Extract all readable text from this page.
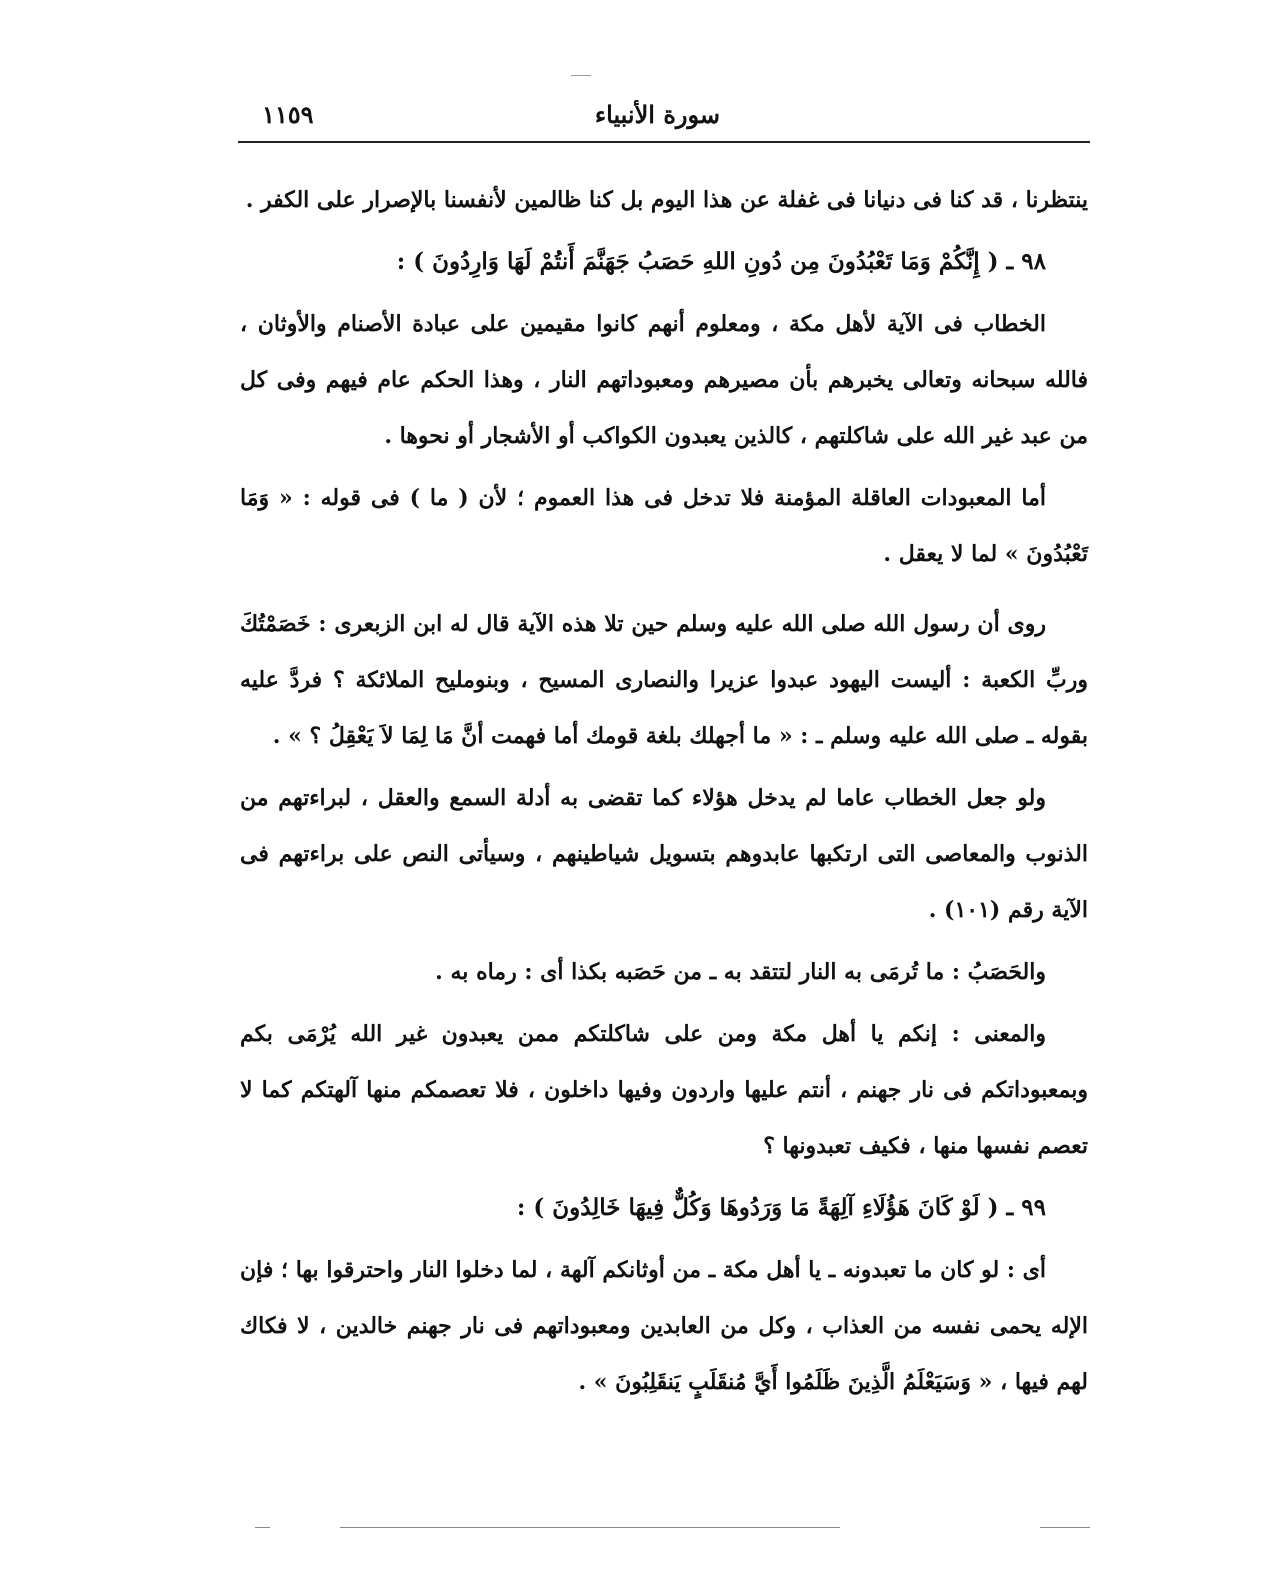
سورة الأنبياء
١١٥٩

ينتظرنا ، قد كنا فى دنيانا فى غفلة عن هذا اليوم بل كنا ظالمين لأنفسنا بالإصرار على الكفر .

٩٨ ـ ( إِنَّكُمْ وَمَا تَعْبُدُونَ مِن دُونِ اللهِ حَصَبُ جَهَنَّمَ أَنتُمْ لَهَا وَارِدُونَ ) :

الخطاب فى الآية لأهل مكة ، ومعلوم أنهم كانوا مقيمين على عبادة الأصنام والأوثان ، فالله سبحانه وتعالى يخبرهم بأن مصيرهم ومعبوداتهم النار ، وهذا الحكم عام فيهم وفى كل من عبد غير الله على شاكلتهم ، كالذين يعبدون الكواكب أو الأشجار أو نحوها .

أما المعبودات العاقلة المؤمنة فلا تدخل فى هذا العموم ؛ لأن ( ما ) فى قوله : « وَمَا تَعْبُدُونَ » لما لا يعقل .

روى أن رسول الله صلى الله عليه وسلم حين تلا هذه الآية قال له ابن الزبعرى : خَصَمْتُكَ وربِّ الكعبة : أليست اليهود عبدوا عزيرا والنصارى المسيح ، وبنومليح الملائكة ؟ فردَّ عليه بقوله ـ صلى الله عليه وسلم ـ : « ما أجهلك بلغة قومك أما فهمت أنَّ مَا لِمَا لاَ يَعْقِلُ ؟ » .

ولو جعل الخطاب عاما لم يدخل هؤلاء كما تقضى به أدلة السمع والعقل ، لبراءتهم من الذنوب والمعاصى التى ارتكبها عابدوهم بتسويل شياطينهم ، وسيأتى النص على براءتهم فى الآية رقم (١٠١) .

والحَصَبُ : ما تُرمَى به النار لتتقد به ـ من حَصَبه بكذا أى : رماه به .

والمعنى : إنكم يا أهل مكة ومن على شاكلتكم ممن يعبدون غير الله يُرْمَى بكم وبمعبوداتكم فى نار جهنم ، أنتم عليها واردون وفيها داخلون ، فلا تعصمكم منها آلهتكم كما لا تعصم نفسها منها ، فكيف تعبدونها ؟

٩٩ ـ ( لَوْ كَانَ هَؤُلَاءِ آلِهَةً مَا وَرَدُوهَا وَكُلٌّ فِيهَا خَالِدُونَ ) :

أى : لو كان ما تعبدونه ـ يا أهل مكة ـ من أوثانكم آلهة ، لما دخلوا النار واحترقوا بها ؛ فإن الإله يحمى نفسه من العذاب ، وكل من العابدين ومعبوداتهم فى نار جهنم خالدين ، لا فكاك لهم فيها ، « وَسَيَعْلَمُ الَّذِينَ ظَلَمُوا أَيَّ مُنقَلَبٍ يَنقَلِبُونَ » .
